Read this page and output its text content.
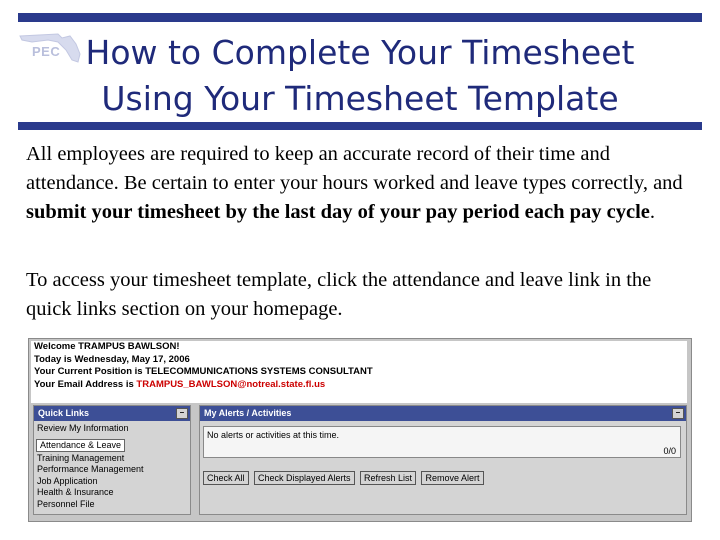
PEC How to Complete Your Timesheet
Using Your Timesheet Template
All employees are required to keep an accurate record of their time and attendance. Be certain to enter your hours worked and leave types correctly, and submit your timesheet by the last day of your pay period each pay cycle.
To access your timesheet template, click the attendance and leave link in the quick links section on your homepage.
Welcome TRAMPUS BAWLSON!
Today is Wednesday, May 17, 2006
Your Current Position is TELECOMMUNICATIONS SYSTEMS CONSULTANT
Your Email Address is TRAMPUS_BAWLSON@notreal.state.fl.us
Quick Links	–
Review My Information
Attendance & Leave
Training Management
Performance Management
Job Application
Health & Insurance
Personnel File
My Alerts / Activities	–
No alerts or activities at this time.
0/0
Check All Check Displayed Alerts Refresh List Remove Alert
